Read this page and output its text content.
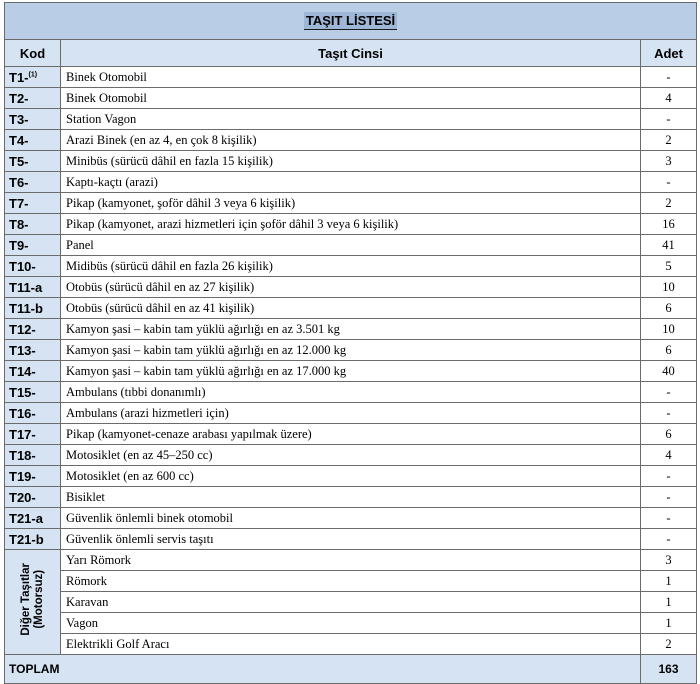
TAŞIT LİSTESİ		
Kod	Taşıt Cinsi	Adet
T1-$^{(1)}$	Binek Otomobil	-
T2-	Binek Otomobil	4
T3-	Station Vagon	-
T4-	Arazi Binek (en az 4, en çok 8 kişilik)	2
T5-	Minibüs (sürücü dâhil en fazla 15 kişilik)	3
T6-	Kaptı-kaçtı (arazi)	-
T7-	Pikap (kamyonet, şoför dâhil 3 veya 6 kişilik)	2
T8-	Pikap (kamyonet, arazi hizmetleri için şoför dâhil 3 veya 6 kişilik)	16
T9-	Panel	41
T10-	Midibüs (sürücü dâhil en fazla 26 kişilik)	5
T11-a	Otobüs (sürücü dâhil en az 27 kişilik)	10
T11-b	Otobüs (sürücü dâhil en az 41 kişilik)	6
T12-	Kamyon şasi – kabin tam yüklü ağırlığı en az 3.501 kg	10
T13-	Kamyon şasi – kabin tam yüklü ağırlığı en az 12.000 kg	6
T14-	Kamyon şasi – kabin tam yüklü ağırlığı en az 17.000 kg	40
T15-	Ambulans (tıbbi donanımlı)	-
T16-	Ambulans (arazi hizmetleri için)	-
T17-	Pikap (kamyonet-cenaze arabası yapılmak üzere)	6
T18-	Motosiklet (en az 45–250 cc)	4
T19-	Motosiklet (en az 600 cc)	-
T20-	Bisiklet	-
T21-a	Güvenlik önlemli binek otomobil	-
T21-b	Güvenlik önlemli servis taşıtı	-
Diğer Taşıtlar
(Motorsuz)	Yarı Römork	3
	Römork	1
	Karavan	1
	Vagon	1
	Elektrikli Golf Aracı	2
TOPLAM		163
